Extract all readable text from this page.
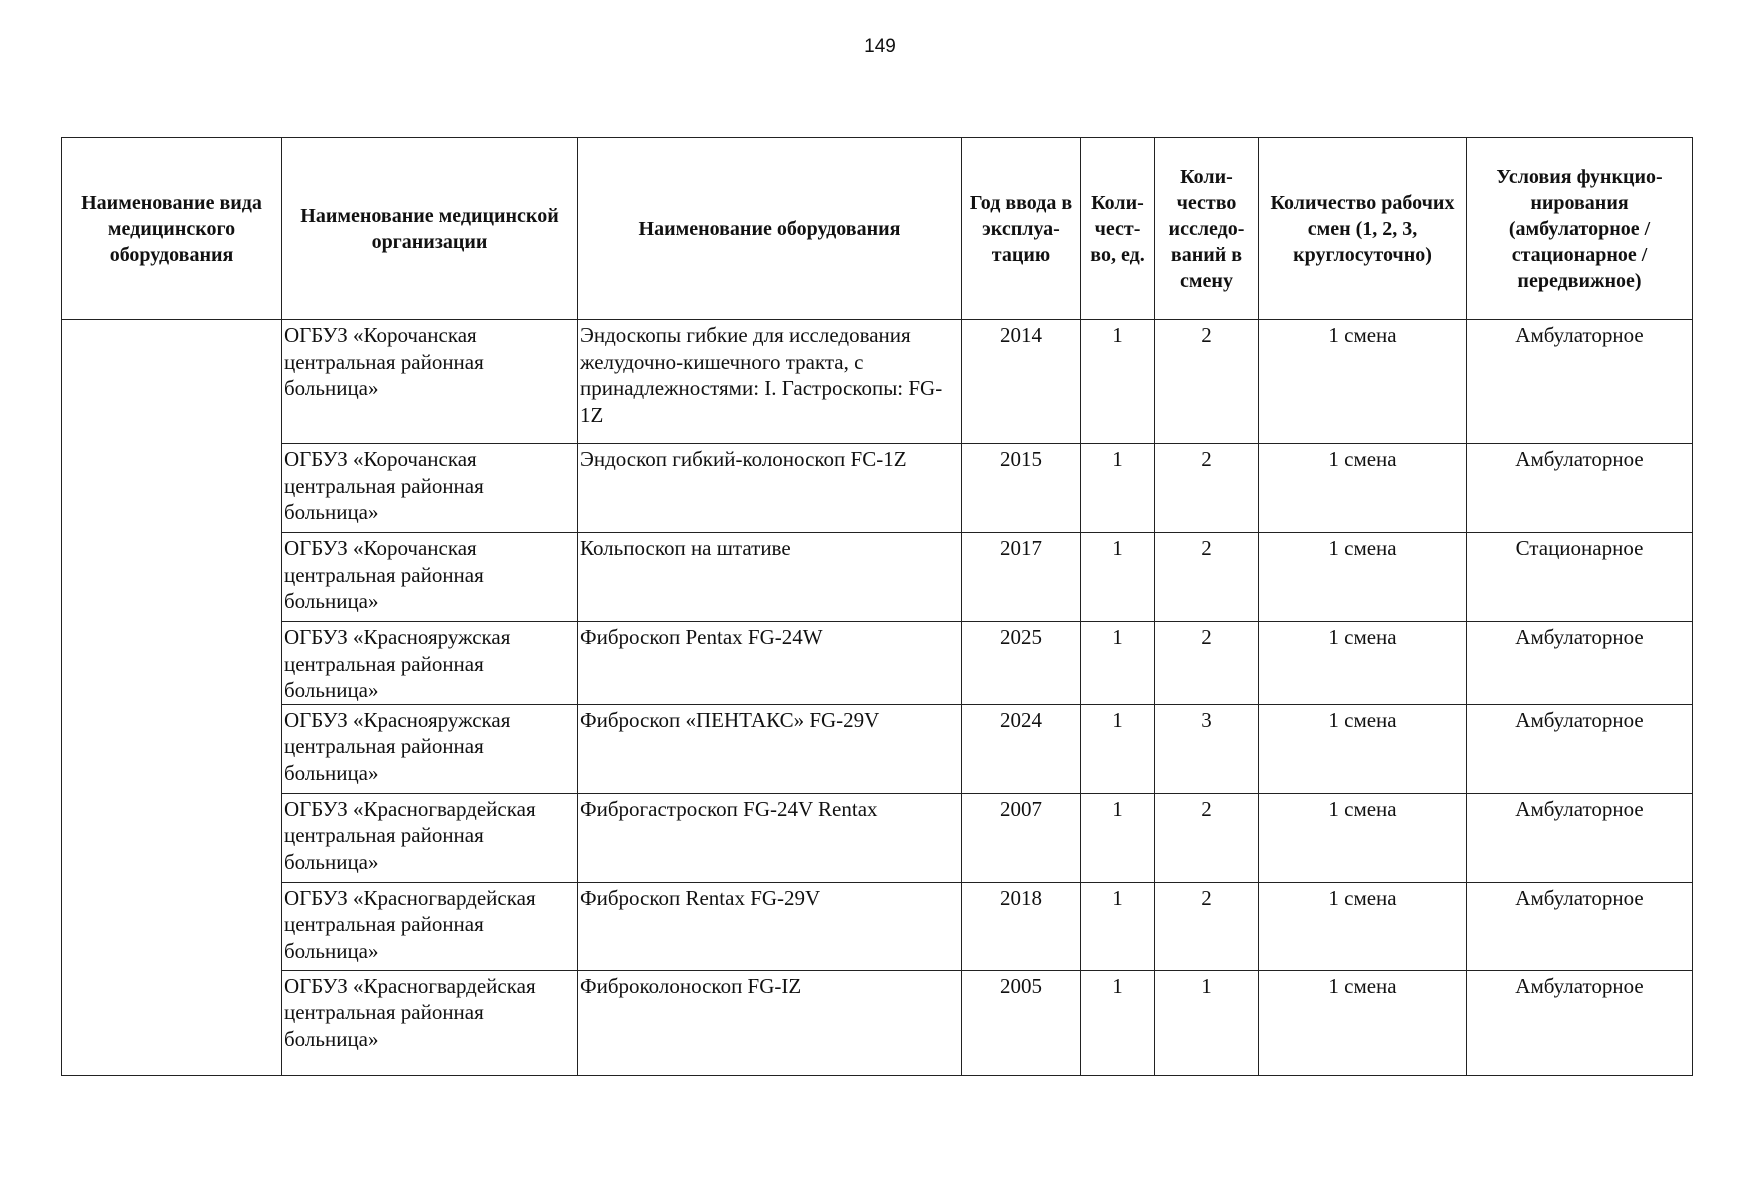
149
Наименование вида медицинского оборудования	Наименование медицинской организации	Наименование оборудования	Год ввода в эксплуа-тацию	Коли-чест-во, ед.	Коли-чество исследо-ваний в смену	Количество рабочих смен (1, 2, 3, круглосуточно)	Условия функцио-нирования (амбулаторное / стационарное / передвижное)
	ОГБУЗ «Корочанская центральная районная больница»	Эндоскопы гибкие для исследования желудочно-кишечного тракта, с принадлежностями: I. Гастроскопы: FG-1Z	2014	1	2	1 смена	Амбулаторное
	ОГБУЗ «Корочанская центральная районная больница»	Эндоскоп гибкий-колоноскоп FC-1Z	2015	1	2	1 смена	Амбулаторное
	ОГБУЗ «Корочанская центральная районная больница»	Кольпоскоп на штативе	2017	1	2	1 смена	Стационарное
	ОГБУЗ «Краснояружская центральная районная больница»	Фиброскоп Pentax FG-24W	2025	1	2	1 смена	Амбулаторное
	ОГБУЗ «Краснояружская центральная районная больница»	Фиброскоп «ПЕНТАКС» FG-29V	2024	1	3	1 смена	Амбулаторное
	ОГБУЗ «Красногвардейская центральная районная больница»	Фиброгастроскоп FG-24V Rentax	2007	1	2	1 смена	Амбулаторное
	ОГБУЗ «Красногвардейская центральная районная больница»	Фиброскоп Rentax FG-29V	2018	1	2	1 смена	Амбулаторное
	ОГБУЗ «Красногвардейская центральная районная больница»	Фиброколоноскоп FG-IZ	2005	1	1	1 смена	Амбулаторное
